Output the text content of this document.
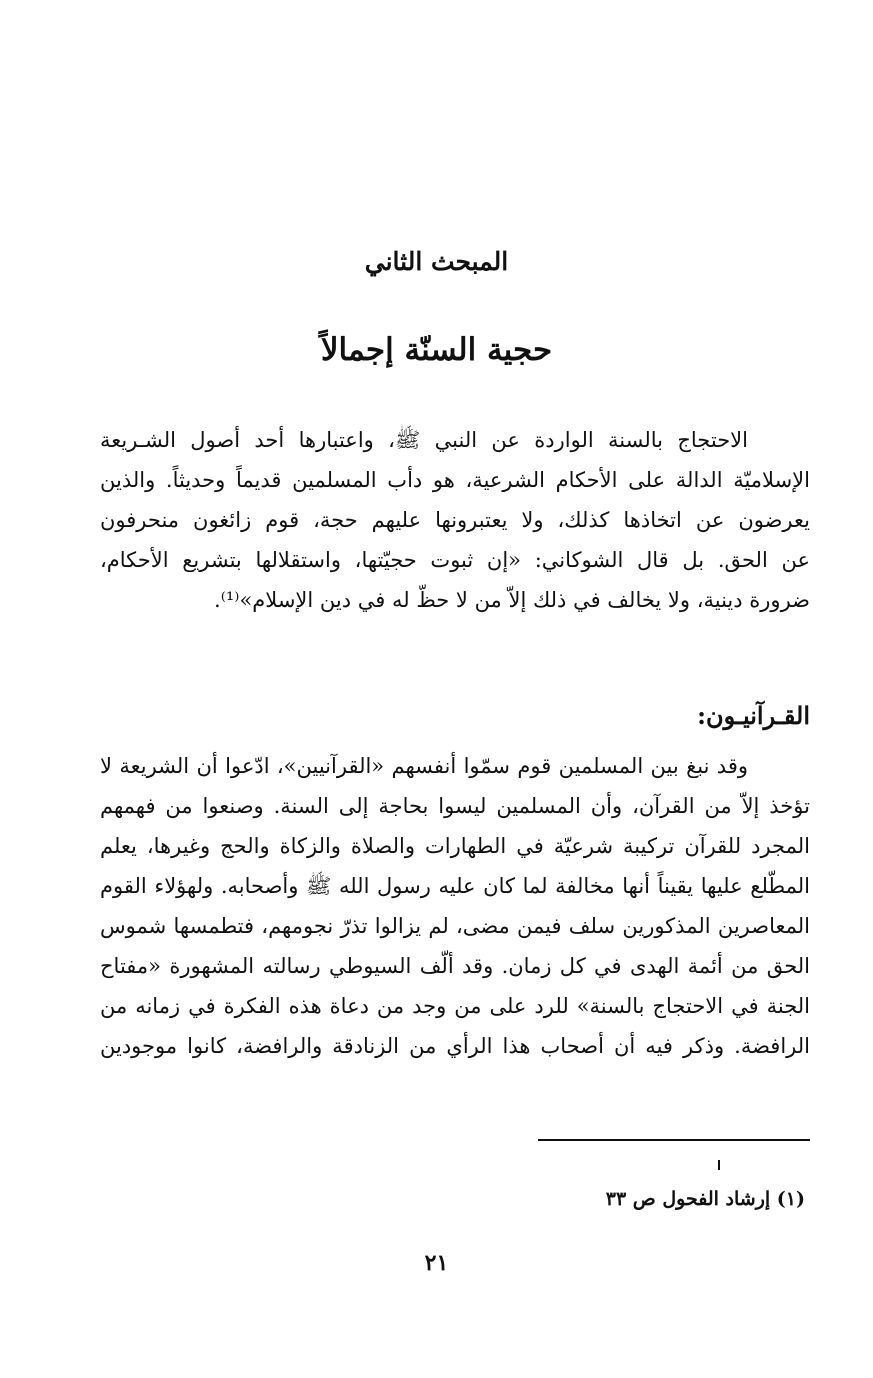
المبحث الثاني
حجية السنّة إجمالاً
الاحتجاج بالسنة الواردة عن النبي ﷺ، واعتبارها أحد أصول الشـريعة
الإسلاميّة الدالة على الأحكام الشرعية، هو دأب المسلمين قديماً وحديثاً. والذين
يعرضون عن اتخاذها كذلك، ولا يعتبرونها عليهم حجة، قوم زائغون منحرفون
عن الحق. بل قال الشوكاني: «إن ثبوت حجيّتها، واستقلالها بتشريع الأحكام،
ضرورة دينية، ولا يخالف في ذلك إلاّ من لا حظّ له في دين الإسلام»⁽¹⁾.
القـرآنيـون:
وقد نبغ بين المسلمين قوم سمّوا أنفسهم «القرآنيين»، ادّعوا أن الشريعة لا
تؤخذ إلاّ من القرآن، وأن المسلمين ليسوا بحاجة إلى السنة. وصنعوا من فهمهم
المجرد للقرآن تركيبة شرعيّة في الطهارات والصلاة والزكاة والحج وغيرها، يعلم
المطّلع عليها يقيناً أنها مخالفة لما كان عليه رسول الله ﷺ وأصحابه. ولهؤلاء القوم
المعاصرين المذكورين سلف فيمن مضى، لم يزالوا تذرّ نجومهم، فتطمسها شموس
الحق من أئمة الهدى في كل زمان. وقد ألّف السيوطي رسالته المشهورة «مفتاح
الجنة في الاحتجاج بالسنة» للرد على من وجد من دعاة هذه الفكرة في زمانه من
الرافضة. وذكر فيه أن أصحاب هذا الرأي من الزنادقة والرافضة، كانوا موجودين
(١) إرشاد الفحول ص ٣٣
٢١
